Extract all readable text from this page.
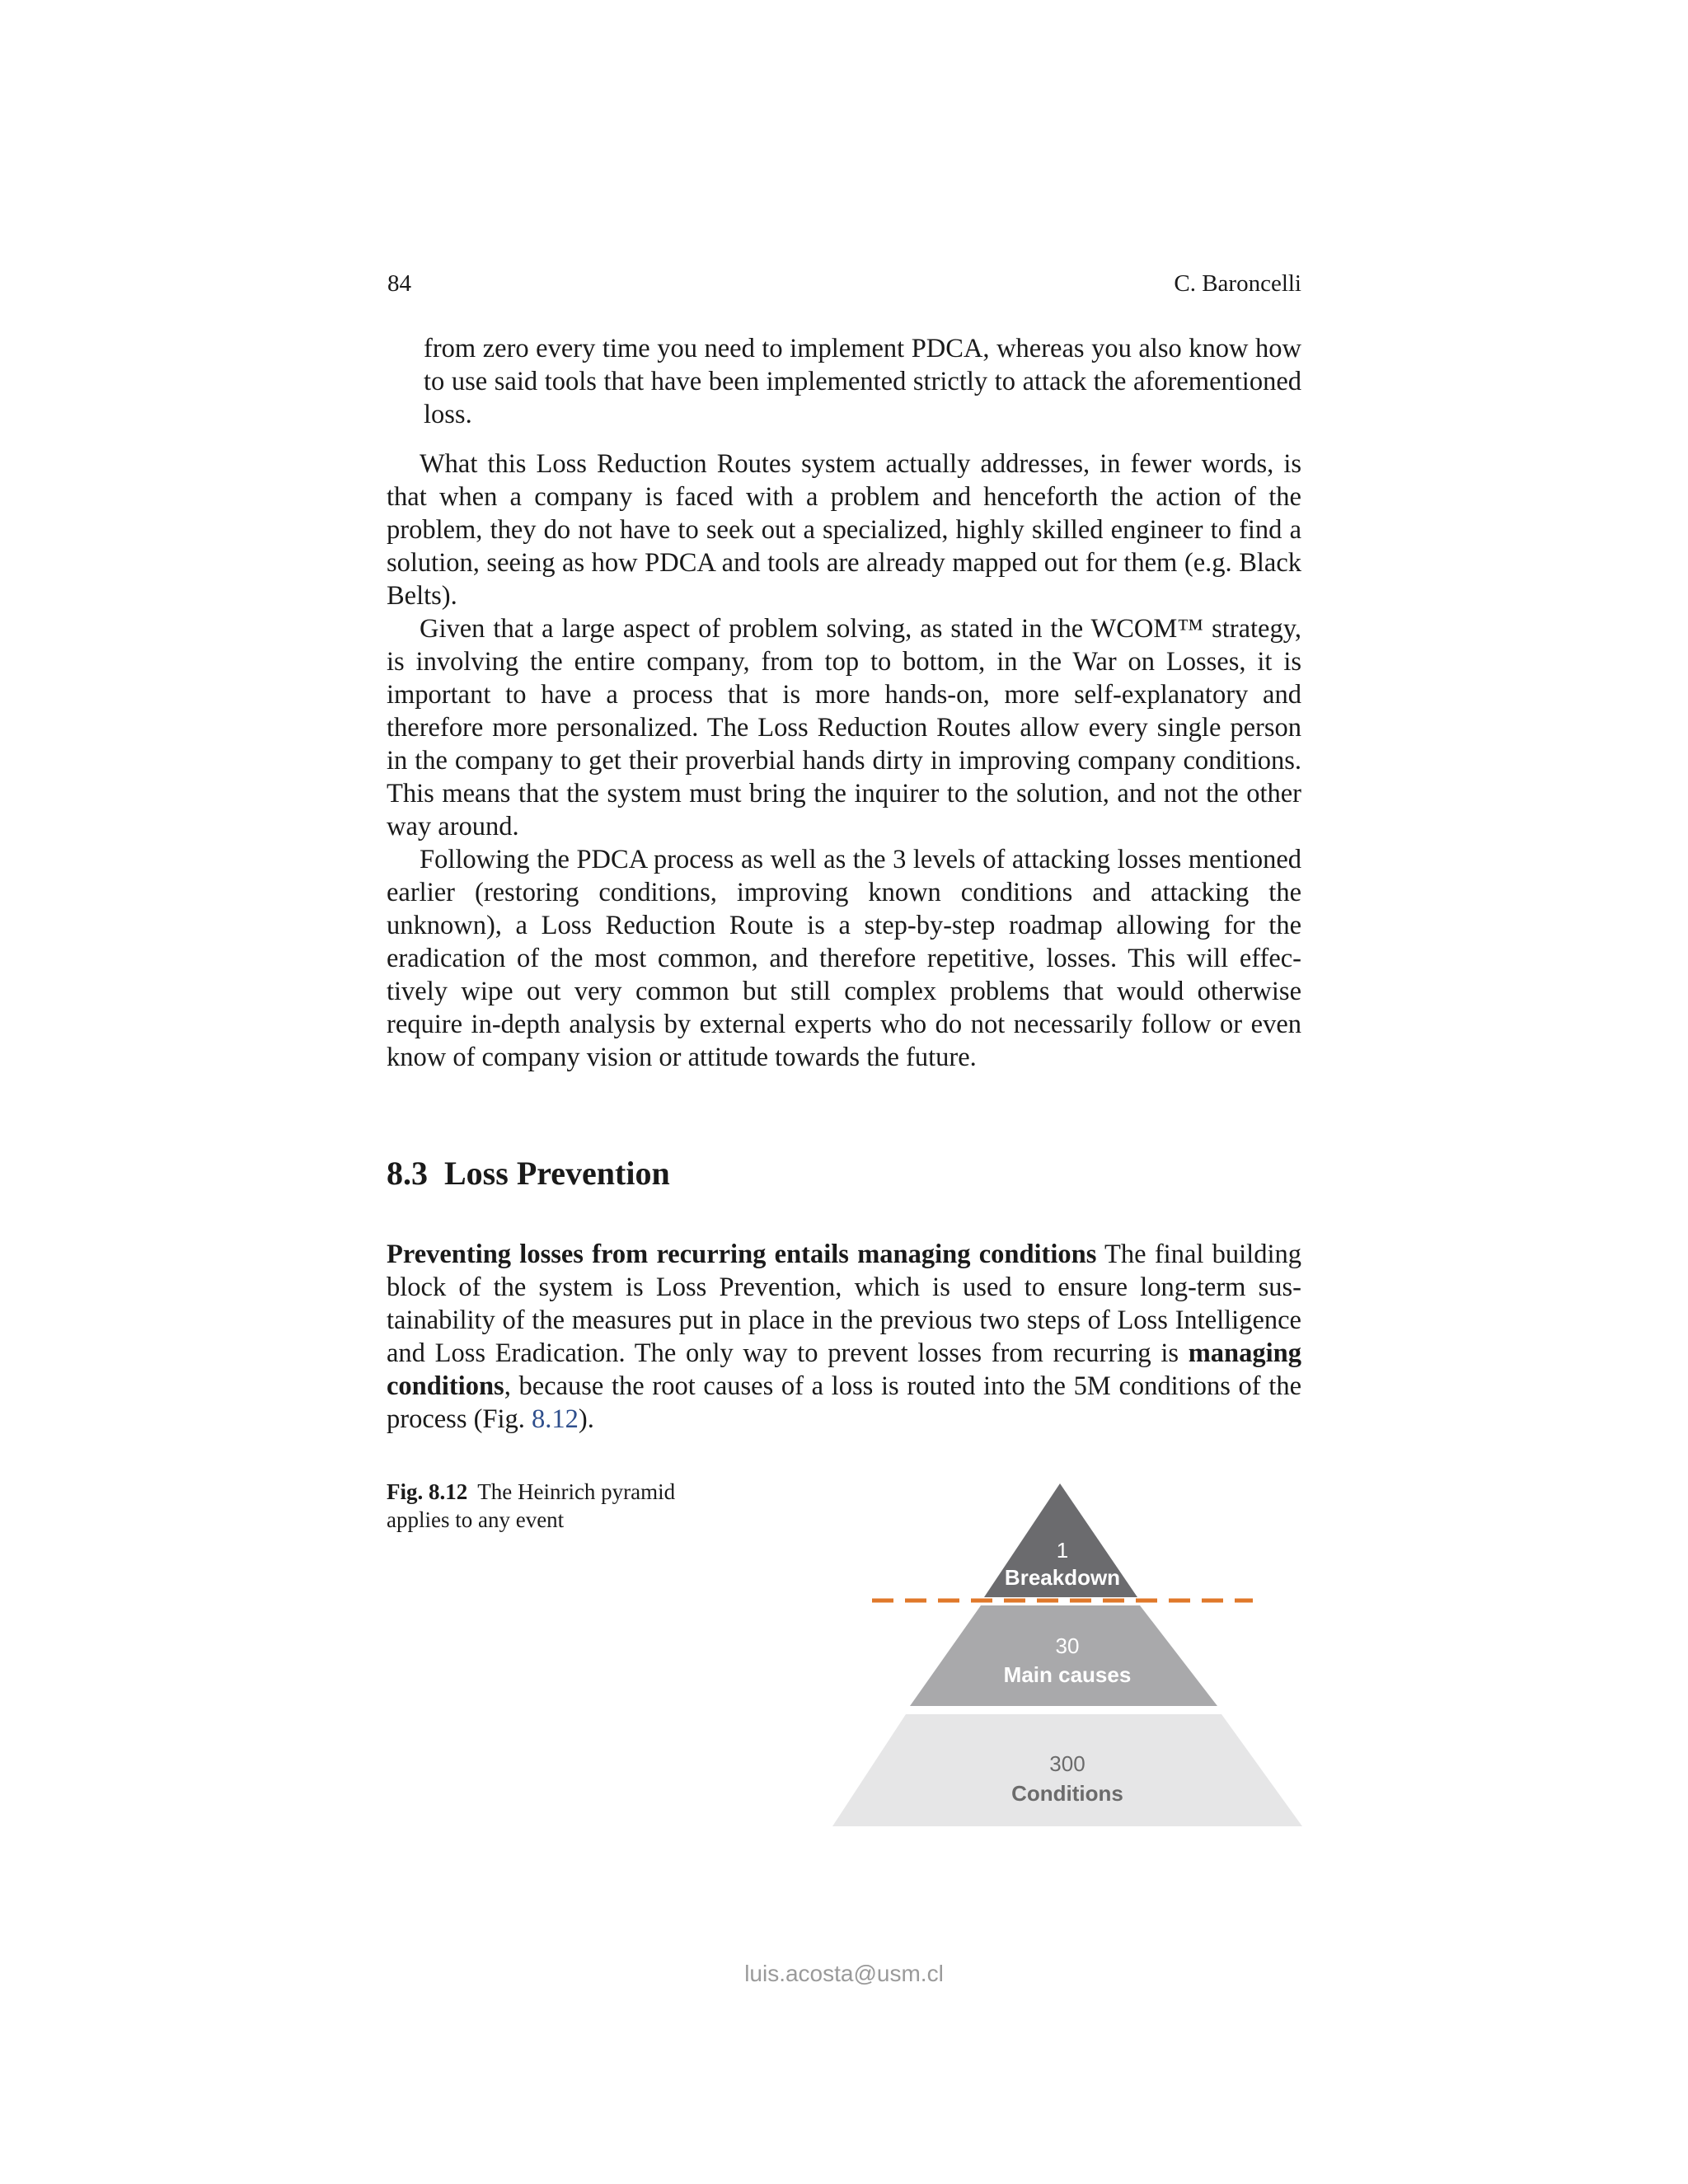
84	C. Baroncelli

from zero every time you need to implement PDCA, whereas you also know how to use said tools that have been implemented strictly to attack the aforementioned loss.

What this Loss Reduction Routes system actually addresses, in fewer words, is that when a company is faced with a problem and henceforth the action of the problem, they do not have to seek out a specialized, highly skilled engineer to find a solution, seeing as how PDCA and tools are already mapped out for them (e.g. Black Belts).

Given that a large aspect of problem solving, as stated in the WCOM™ strategy, is involving the entire company, from top to bottom, in the War on Losses, it is important to have a process that is more hands-on, more self-explanatory and therefore more personalized. The Loss Reduction Routes allow every single person in the company to get their proverbial hands dirty in improving company conditions. This means that the system must bring the inquirer to the solution, and not the other way around.

Following the PDCA process as well as the 3 levels of attacking losses mentioned earlier (restoring conditions, improving known conditions and attacking the unknown), a Loss Reduction Route is a step-by-step roadmap allowing for the eradication of the most common, and therefore repetitive, losses. This will effectively wipe out very common but still complex problems that would otherwise require in-depth analysis by external experts who do not necessarily follow or even know of company vision or attitude towards the future.

8.3 Loss Prevention

Preventing losses from recurring entails managing conditions The final building block of the system is Loss Prevention, which is used to ensure long-term sustainability of the measures put in place in the previous two steps of Loss Intelligence and Loss Eradication. The only way to prevent losses from recurring is managing conditions, because the root causes of a loss is routed into the 5M conditions of the process (Fig. 8.12).

Fig. 8.12 The Heinrich pyramid applies to any event
1
Breakdown
30
Main causes
300
Conditions
luis.acosta@usm.cl
